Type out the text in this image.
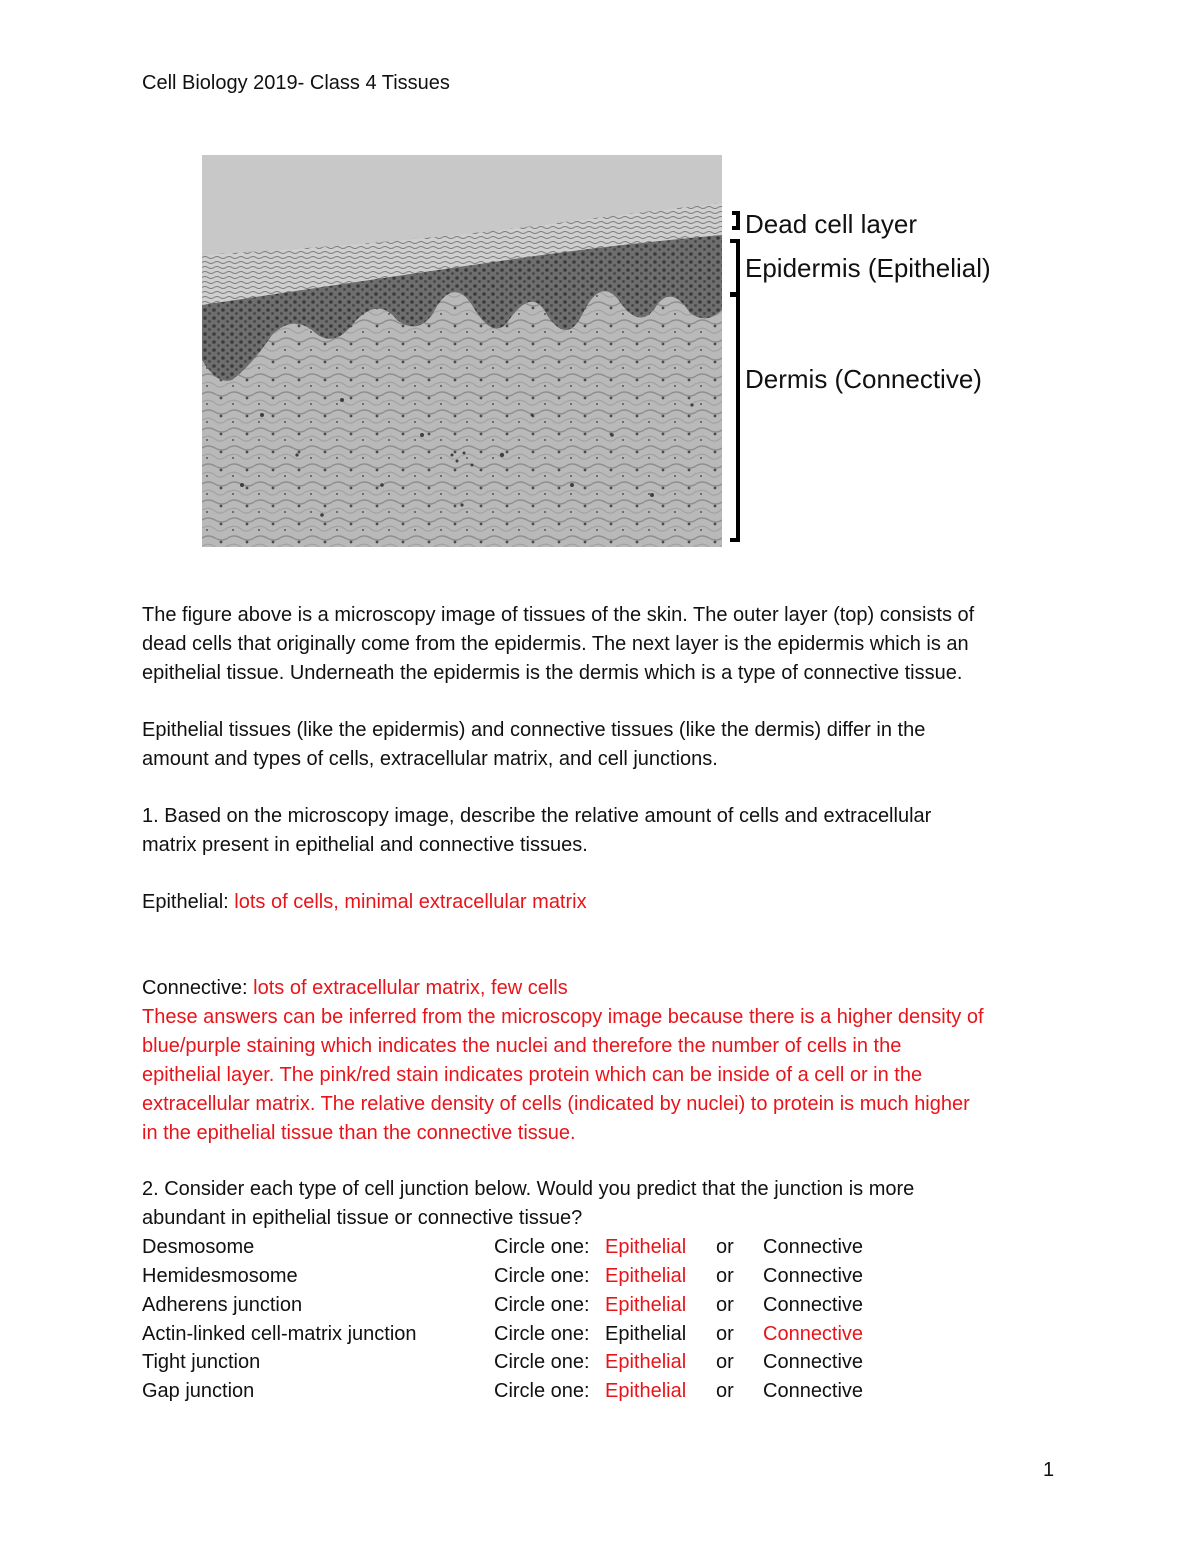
Cell Biology 2019- Class 4 Tissues
Dead cell layer
Epidermis (Epithelial)
Dermis (Connective)
The figure above is a microscopy image of tissues of the skin. The outer layer (top) consists of
dead cells that originally come from the epidermis. The next layer is the epidermis which is an
epithelial tissue. Underneath the epidermis is the dermis which is a type of connective tissue.
Epithelial tissues (like the epidermis) and connective tissues (like the dermis) differ in the
amount and types of cells, extracellular matrix, and cell junctions.
1. Based on the microscopy image, describe the relative amount of cells and extracellular
matrix present in epithelial and connective tissues.
Epithelial: lots of cells, minimal extracellular matrix
Connective: lots of extracellular matrix, few cells
These answers can be inferred from the microscopy image because there is a higher density of
blue/purple staining which indicates the nuclei and therefore the number of cells in the
epithelial layer. The pink/red stain indicates protein which can be inside of a cell or in the
extracellular matrix. The relative density of cells (indicated by nuclei) to protein is much higher
in the epithelial tissue than the connective tissue.
2. Consider each type of cell junction below. Would you predict that the junction is more
abundant in epithelial tissue or connective tissue?
Desmosome	Circle one: Epithelial or Connective
Hemidesmosome	Circle one: Epithelial or Connective
Adherens junction	Circle one: Epithelial or Connective
Actin-linked cell-matrix junction	Circle one: Epithelial or Connective
Tight junction	Circle one: Epithelial or Connective
Gap junction	Circle one: Epithelial or Connective
1
